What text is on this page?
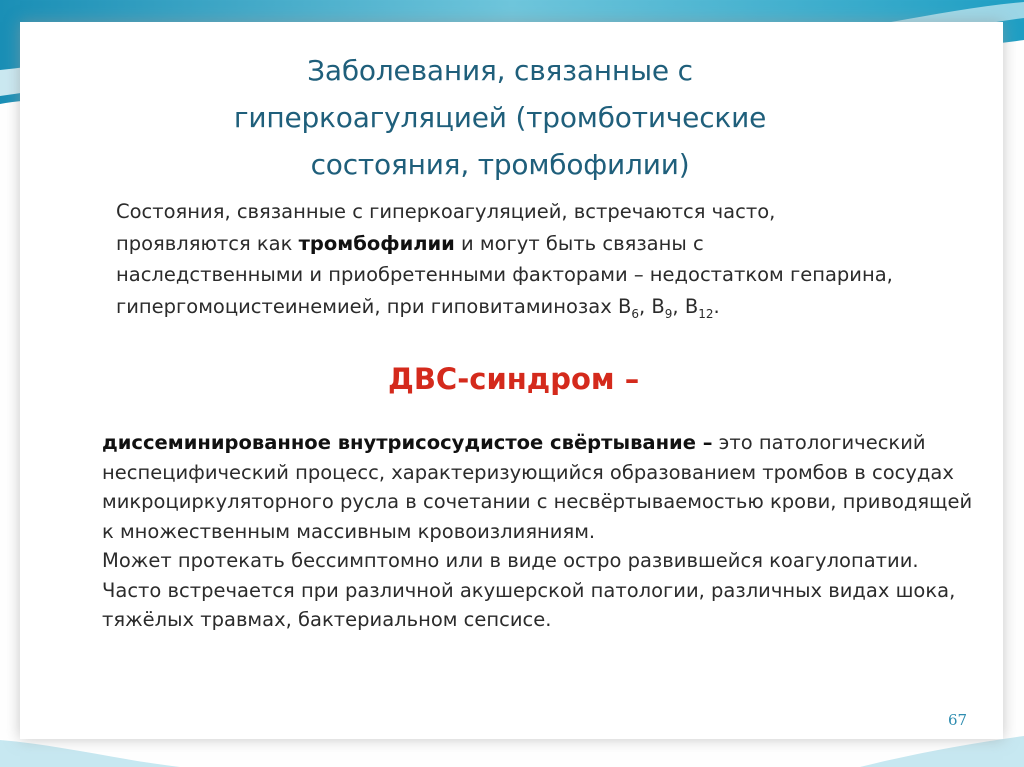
Заболевания, связанные с
гиперкоагуляцией (тромботические
состояния, тромбофилии)
Состояния, связанные с гиперкоагуляцией, встречаются часто, проявляются как тромбофилии и могут быть связаны с наследственными и приобретенными факторами – недостатком гепарина, гипергомоцистеинемией, при гиповитаминозах $B_6$, $B_9$, $B_{12}$.
ДВС-синдром –
диссеминированное внутрисосудистое свёртывание – это патологический неспецифический процесс, характеризующийся образованием тромбов в сосудах микроциркуляторного русла в сочетании с несвёртываемостью крови, приводящей к множественным массивным кровоизлияниям.
Может протекать бессимптомно или в виде остро развившейся коагулопатии. Часто встречается при различной акушерской патологии, различных видах шока, тяжёлых травмах, бактериальном сепсисе.
67
